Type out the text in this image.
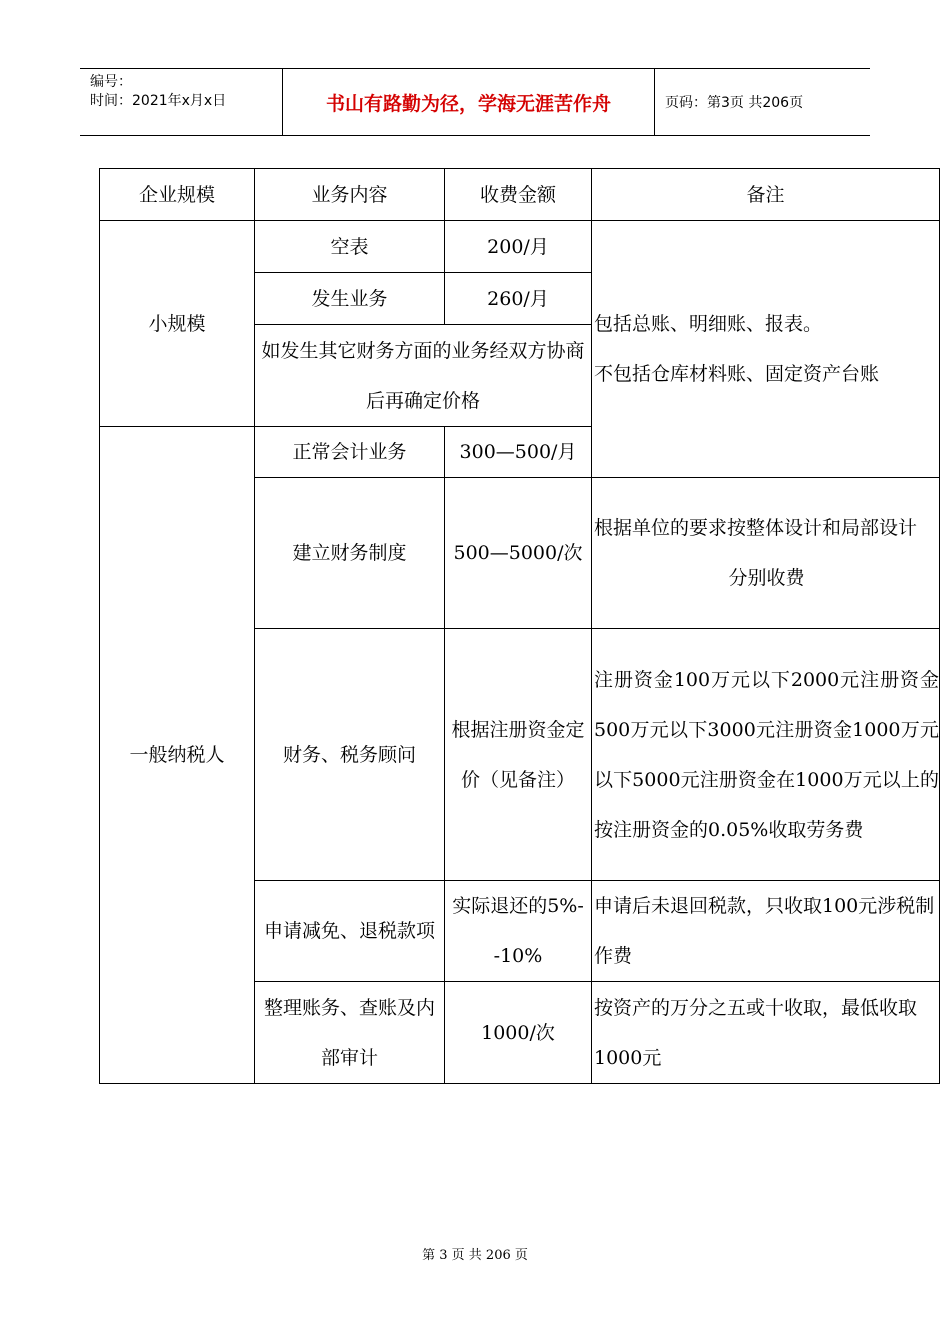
编号：
时间：2021年x月x日	书山有路勤为径，学海无涯苦作舟	页码：第3页 共206页
企业规模	业务内容	收费金额	备注
小规模	空表	200/月	包括总账、明细账、报表。
不包括仓库材料账、固定资产台账

	发生业务	260/月	
	如发生其它财务方面的业务经双方协商后再确定价格		
一般纳税人	正常会计业务	300—500/月	
	建立财务制度	500—5000/次	根据单位的要求按整体设计和局部设计
分别收费

	财务、税务顾问	根据注册资金定价（见备注）	注册资金100万元以下2000元注册资金500万元以下3000元注册资金1000万元以下5000元注册资金在1000万元以上的按注册资金的0.05%收取劳务费
	申请减免、退税款项	实际退还的5%--10%	申请后未退回税款，只收取100元涉税制作费
	整理账务、查账及内部审计	1000/次	按资产的万分之五或十收取，最低收取1000元
第 3 页 共 206 页
